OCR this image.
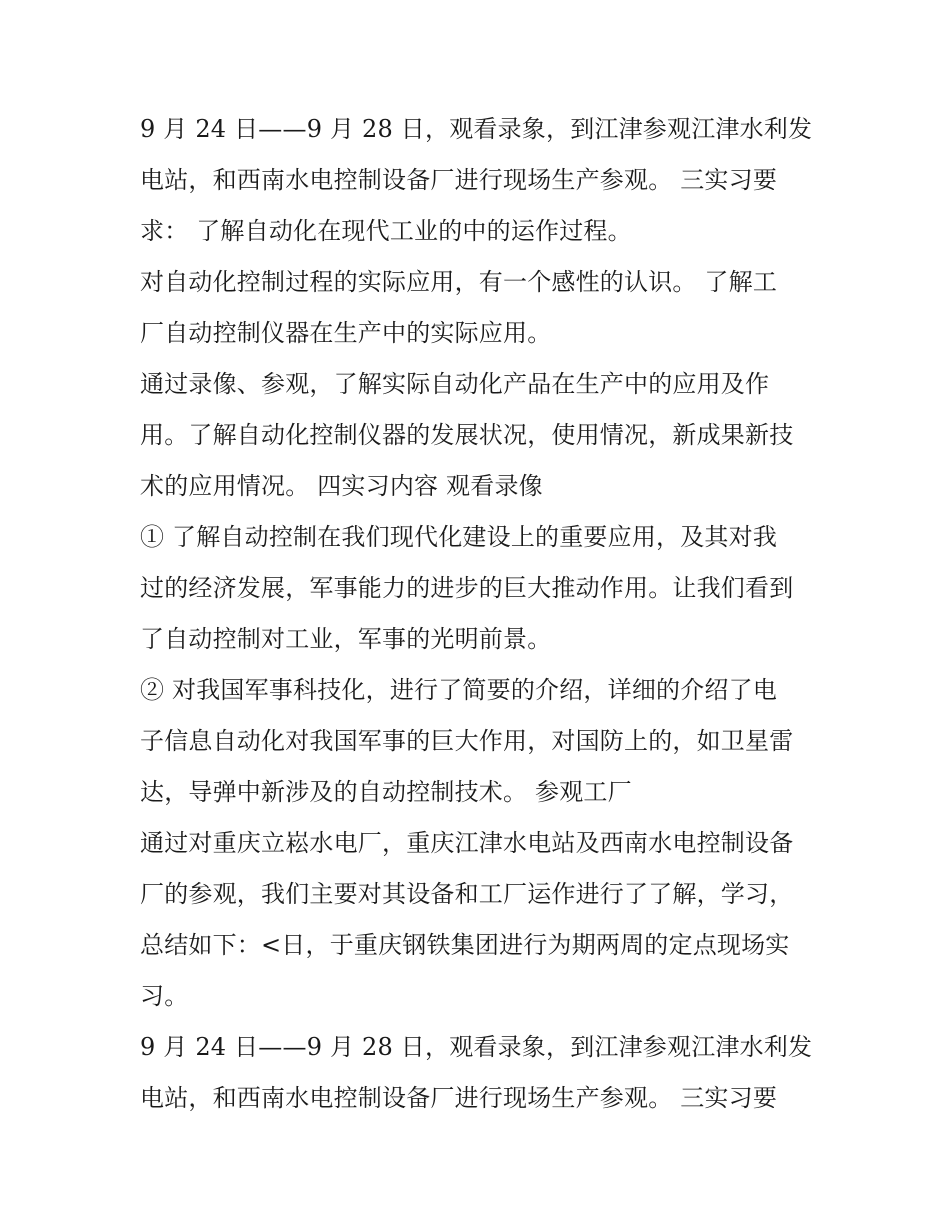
9 月 24 日——9 月 28 日，观看录象，到江津参观江津水利发
电站，和西南水电控制设备厂进行现场生产参观。 三实习要
求： 了解自动化在现代工业的中的运作过程。

对自动化控制过程的实际应用，有一个感性的认识。 了解工
厂自动控制仪器在生产中的实际应用。

通过录像、参观，了解实际自动化产品在生产中的应用及作
用。了解自动化控制仪器的发展状况，使用情况，新成果新技
术的应用情况。 四实习内容 观看录像

① 了解自动控制在我们现代化建设上的重要应用，及其对我
过的经济发展，军事能力的进步的巨大推动作用。让我们看到
了自动控制对工业，军事的光明前景。

② 对我国军事科技化，进行了简要的介绍，详细的介绍了电
子信息自动化对我国军事的巨大作用，对国防上的，如卫星雷
达，导弹中新涉及的自动控制技术。 参观工厂

通过对重庆立崧水电厂，重庆江津水电站及西南水电控制设备
厂的参观，我们主要对其设备和工厂运作进行了了解，学习，
总结如下：<日，于重庆钢铁集团进行为期两周的定点现场实
习。

9 月 24 日——9 月 28 日，观看录象，到江津参观江津水利发
电站，和西南水电控制设备厂进行现场生产参观。 三实习要
